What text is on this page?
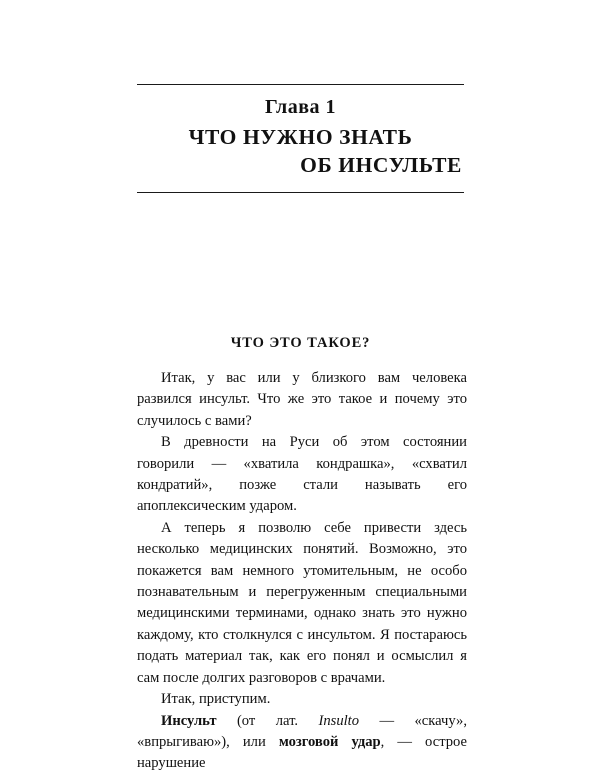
Глава 1
ЧТО НУЖНО ЗНАТЬ
ОБ ИНСУЛЬТЕ
ЧТО ЭТО ТАКОЕ?

Итак, у вас или у близкого вам человека развился инсульт. Что же это такое и почему это случилось с вами?

В древности на Руси об этом состоянии говорили — «хватила кондрашка», «схватил кондратий», позже стали называть его апоплексическим ударом.

А теперь я позволю себе привести здесь несколько медицинских понятий. Возможно, это покажется вам немного утомительным, не особо познавательным и перегруженным специальными медицинскими терминами, однако знать это нужно каждому, кто столкнулся с инсультом. Я постараюсь подать материал так, как его понял и осмыслил я сам после долгих разговоров с врачами.

Итак, приступим.

Инсульт (от лат. Insulto — «скачу», «впрыгиваю»), или мозговой удар, — острое нарушение
